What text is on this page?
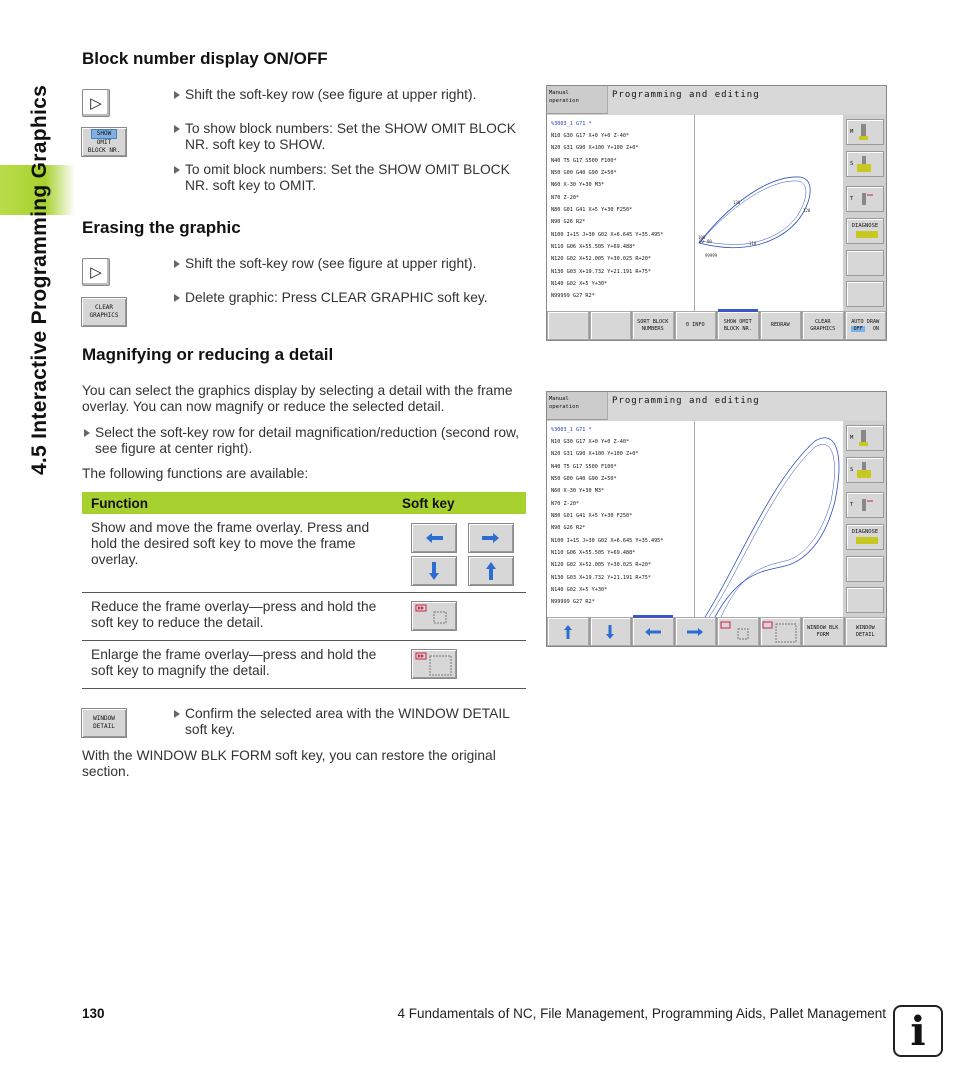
4.5 Interactive Programming Graphics
Block number display ON/OFF
▷
Shift the soft-key row (see figure at upper right).
SHOW
OMIT
BLOCK NR.
To show block numbers: Set the SHOW OMIT BLOCK NR. soft key to SHOW.
To omit block numbers: Set the SHOW OMIT BLOCK NR. soft key to OMIT.
Erasing the graphic
▷
Shift the soft-key row (see figure at upper right).
CLEAR
GRAPHICS
Delete graphic: Press CLEAR GRAPHIC soft key.
Magnifying or reducing a detail
You can select the graphics display by selecting a detail with the frame overlay. You can now magnify or reduce the selected detail.
Select the soft-key row for detail magnification/reduction (second row, see figure at center right).
The following functions are available:
Function	Soft key
Show and move the frame overlay. Press and hold the desired soft key to move the frame overlay.
Reduce the frame overlay—press and hold the soft key to reduce the detail.
Enlarge the frame overlay—press and hold the soft key to magnify the detail.
WINDOW
DETAIL
Confirm the selected area with the WINDOW DETAIL soft key.
With the WINDOW BLK FORM soft key, you can restore the original section.
Manual
operation
Programming and editing
%3003_1 G71 *
N10 G30 G17 X+0 Y+0 Z-40*
N20 G31 G90 X+100 Y+100 Z+0*
N40 T5 G17 S500 F100*
N50 G00 G40 G90 Z+50*
N60 X-30 Y+30 M3*
N70 Z-20*
N80 G01 G41 X+5 Y+30 F250*
N90 G26 R2*
N100 I+15 J+30 G02 X+6.645 Y+35.495*
N110 G06 X+55.505 Y+69.488*
N120 G02 X+52.005 Y+30.025 R+20*
N130 G03 X+19.732 Y+21.191 R+75*
N140 G02 X+5 Y+30*
N99999 G27 R2*
130
120
100
110
80 90
99999
M
S
T
DIAGNOSE
SORT BLOCK NUMBERS
0 INFO
SHOW OMIT BLOCK NR.
REDRAW
CLEAR GRAPHICS
AUTO DRAW
OFF	ON
Manual
operation
Programming and editing
%3003_1 G71 *
N10 G30 G17 X+0 Y+0 Z-40*
N20 G31 G90 X+100 Y+100 Z+0*
N40 T5 G17 S500 F100*
N50 G00 G40 G90 Z+50*
N60 X-30 Y+30 M3*
N70 Z-20*
N80 G01 G41 X+5 Y+30 F250*
N90 G26 R2*
N100 I+15 J+30 G02 X+6.645 Y+35.495*
N110 G06 X+55.505 Y+69.488*
N120 G02 X+52.005 Y+30.025 R+20*
N130 G03 X+19.732 Y+21.191 R+75*
N140 G02 X+5 Y+30*
N99999 G27 R2*
M
S
T
DIAGNOSE
WINDOW BLK FORM
WINDOW DETAIL
130	4 Fundamentals of NC, File Management, Programming Aids, Pallet Management i
